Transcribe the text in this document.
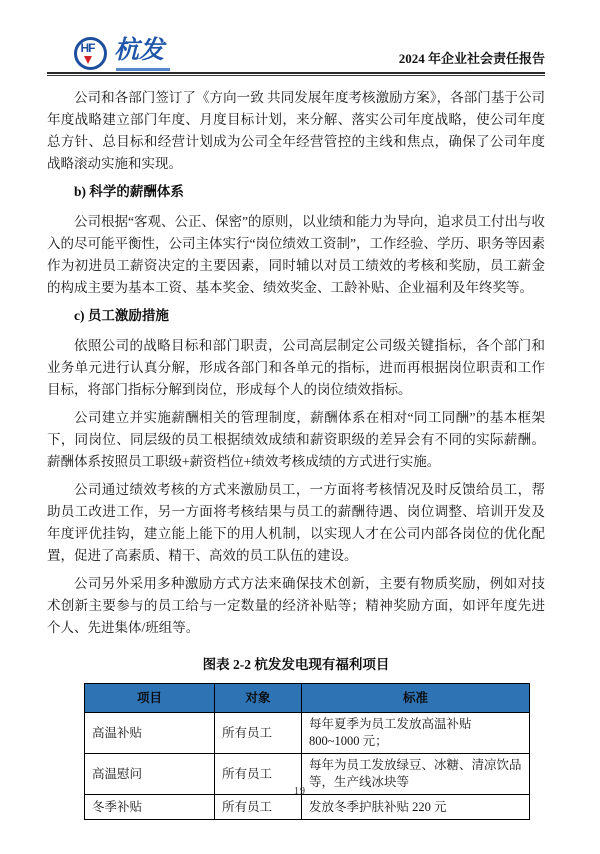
HF 杭发	2024 年企业社会责任报告

公司和各部门签订了《方向一致 共同发展年度考核激励方案》，各部门基于公司年度战略建立部门年度、月度目标计划，来分解、落实公司年度战略，使公司年度总方针、总目标和经营计划成为公司全年经营管控的主线和焦点，确保了公司年度战略滚动实施和实现。

b) 科学的薪酬体系

公司根据“客观、公正、保密”的原则，以业绩和能力为导向，追求员工付出与收入的尽可能平衡性，公司主体实行“岗位绩效工资制”，工作经验、学历、职务等因素作为初进员工薪资决定的主要因素，同时辅以对员工绩效的考核和奖励，员工薪金的构成主要为基本工资、基本奖金、绩效奖金、工龄补贴、企业福利及年终奖等。

c) 员工激励措施

依照公司的战略目标和部门职责，公司高层制定公司级关键指标，各个部门和业务单元进行认真分解，形成各部门和各单元的指标，进而再根据岗位职责和工作目标，将部门指标分解到岗位，形成每个人的岗位绩效指标。

公司建立并实施薪酬相关的管理制度，薪酬体系在相对“同工同酬”的基本框架下，同岗位、同层级的员工根据绩效成绩和薪资职级的差异会有不同的实际薪酬。薪酬体系按照员工职级+薪资档位+绩效考核成绩的方式进行实施。

公司通过绩效考核的方式来激励员工，一方面将考核情况及时反馈给员工，帮助员工改进工作，另一方面将考核结果与员工的薪酬待遇、岗位调整、培训开发及年度评优挂钩，建立能上能下的用人机制，以实现人才在公司内部各岗位的优化配置，促进了高素质、精干、高效的员工队伍的建设。

公司另外采用多种激励方式方法来确保技术创新，主要有物质奖励，例如对技术创新主要参与的员工给与一定数量的经济补贴等；精神奖励方面，如评年度先进个人、先进集体/班组等。

图表 2-2 杭发发电现有福利项目
项目	对象	标准
高温补贴	所有员工	每年夏季为员工发放高温补贴 800~1000 元；
高温慰问	所有员工	每年为员工发放绿豆、冰糖、清凉饮品等，生产线冰块等
冬季补贴	所有员工	发放冬季护肤补贴 220 元
19
